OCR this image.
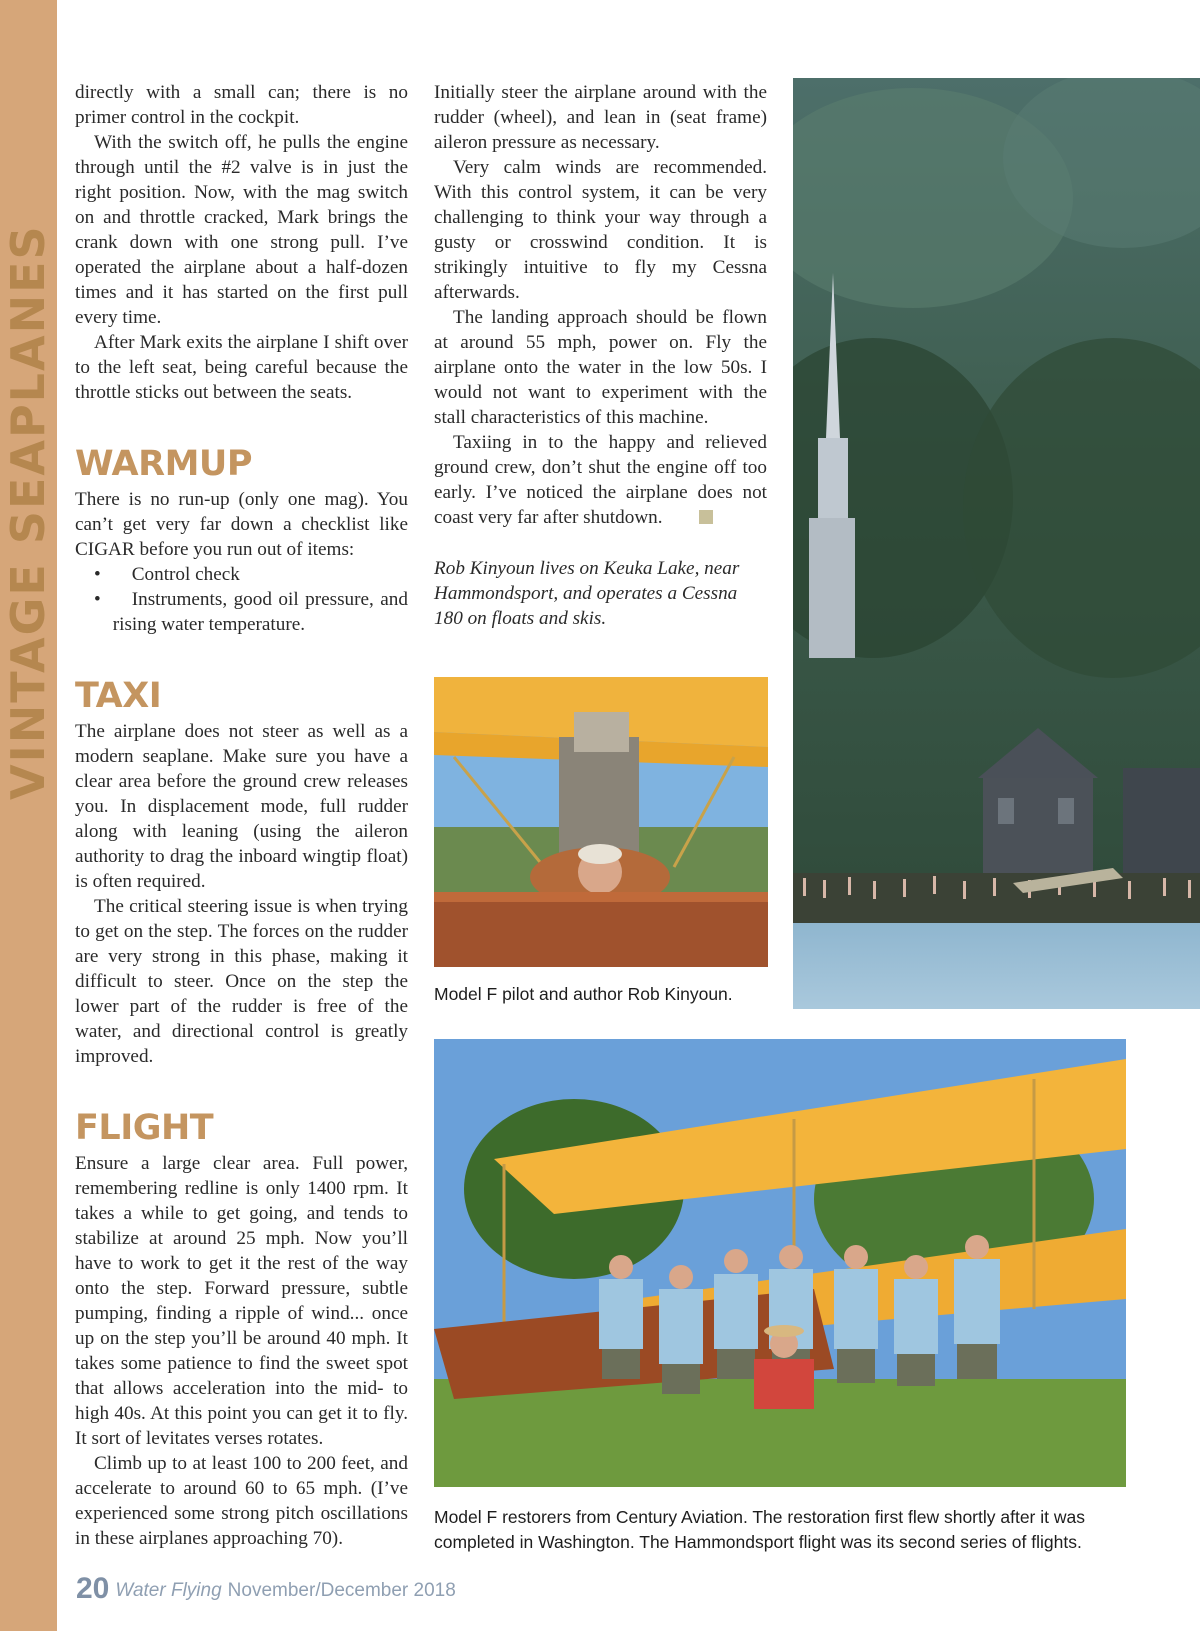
VINTAGE SEAPLANES

directly with a small can; there is no primer control in the cockpit.

With the switch off, he pulls the engine through until the #2 valve is in just the right position. Now, with the mag switch on and throttle cracked, Mark brings the crank down with one strong pull. I’ve operated the airplane about a half-dozen times and it has started on the first pull every time.

After Mark exits the airplane I shift over to the left seat, being careful because the throttle sticks out between the seats.

WARMUP

There is no run-up (only one mag). You can’t get very far down a checklist like CIGAR before you run out of items:

•	Control check

•	Instruments, good oil pressure, and rising water temperature.

TAXI

The airplane does not steer as well as a modern seaplane. Make sure you have a clear area before the ground crew releases you. In displacement mode, full rudder along with leaning (using the aileron authority to drag the inboard wingtip float) is often required.

The critical steering issue is when trying to get on the step. The forces on the rudder are very strong in this phase, making it difficult to steer. Once on the step the lower part of the rudder is free of the water, and directional control is greatly improved.

FLIGHT

Ensure a large clear area. Full power, remembering redline is only 1400 rpm. It takes a while to get going, and tends to stabilize at around 25 mph. Now you’ll have to work to get it the rest of the way onto the step. Forward pressure, subtle pumping, finding a ripple of wind... once up on the step you’ll be around 40 mph. It takes some patience to find the sweet spot that allows acceleration into the mid- to high 40s. At this point you can get it to fly. It sort of levitates verses rotates.

Climb up to at least 100 to 200 feet, and accelerate to around 60 to 65 mph. (I’ve experienced some strong pitch oscillations in these airplanes approaching 70).

Initially steer the airplane around with the rudder (wheel), and lean in (seat frame) aileron pressure as necessary.

Very calm winds are recommended. With this control system, it can be very challenging to think your way through a gusty or crosswind condition. It is strikingly intuitive to fly my Cessna afterwards.

The landing approach should be flown at around 55 mph, power on. Fly the airplane onto the water in the low 50s. I would not want to experiment with the stall characteristics of this machine.

Taxiing in to the happy and relieved ground crew, don’t shut the engine off too early. I’ve noticed the airplane does not coast very far after shutdown.

Rob Kinyoun lives on Keuka Lake, near Hammondsport, and operates a Cessna 180 on floats and skis.

Model F pilot and author Rob Kinyoun.
Model F restorers from Century Aviation. The restoration first flew shortly after it was completed in Washington. The Hammondsport flight was its second series of flights.
20 Water Flying November/December 2018
